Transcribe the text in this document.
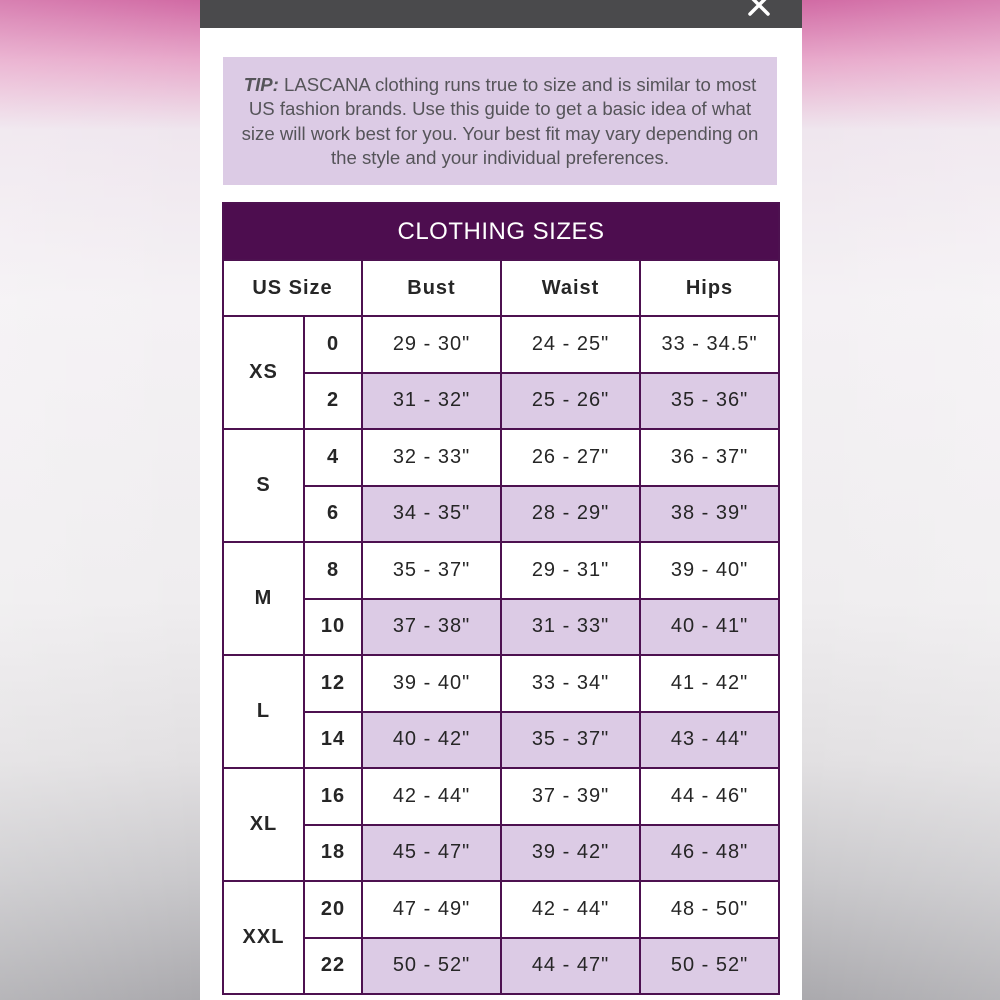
TIP: LASCANA clothing runs true to size and is similar to most US fashion brands. Use this guide to get a basic idea of what size will work best for you. Your best fit may vary depending on the style and your individual preferences.
CLOTHING SIZES				
US Size		Bust	Waist	Hips
XS	0	29 - 30"	24 - 25"	33 - 34.5"
	2	31 - 32"	25 - 26"	35 - 36"
S	4	32 - 33"	26 - 27"	36 - 37"
	6	34 - 35"	28 - 29"	38 - 39"
M	8	35 - 37"	29 - 31"	39 - 40"
	10	37 - 38"	31 - 33"	40 - 41"
L	12	39 - 40"	33 - 34"	41 - 42"
	14	40 - 42"	35 - 37"	43 - 44"
XL	16	42 - 44"	37 - 39"	44 - 46"
	18	45 - 47"	39 - 42"	46 - 48"
XXL	20	47 - 49"	42 - 44"	48 - 50"
	22	50 - 52"	44 - 47"	50 - 52"
